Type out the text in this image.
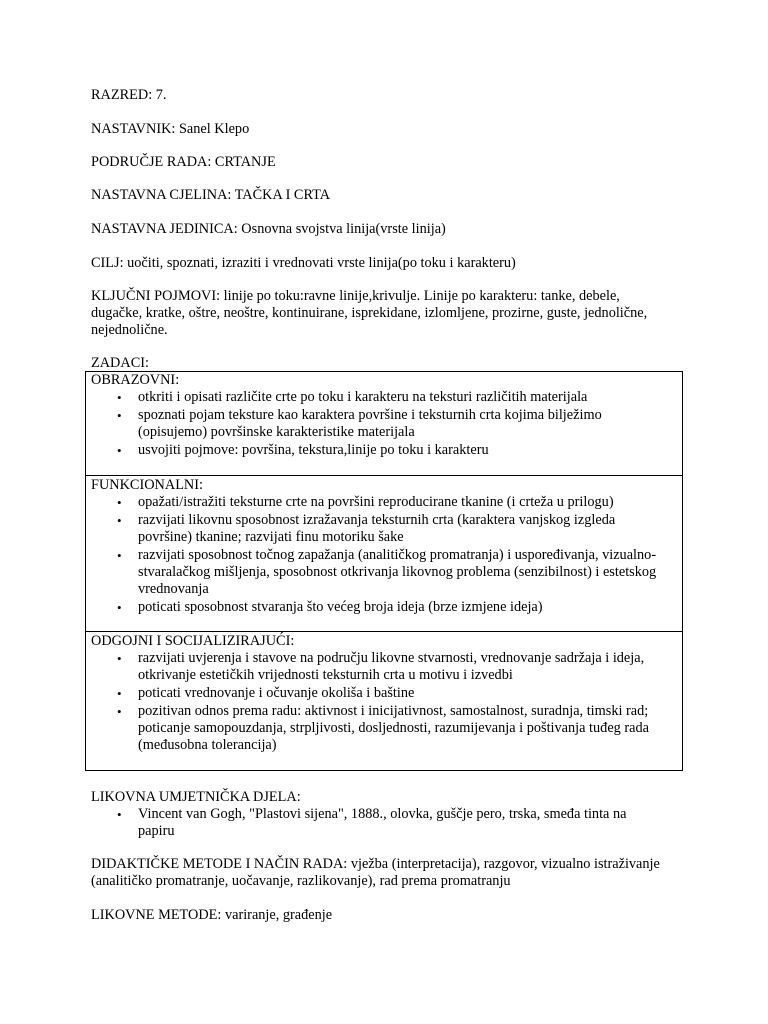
RAZRED: 7.
NASTAVNIK: Sanel Klepo
PODRUČJE RADA: CRTANJE
NASTAVNA CJELINA: TAČKA I CRTA
NASTAVNA JEDINICA: Osnovna svojstva linija(vrste linija)
CILJ: uočiti, spoznati, izraziti i vrednovati vrste linija(po toku i karakteru)
KLJUČNI POJMOVI: linije po toku:ravne linije,krivulje. Linije po karakteru: tanke, debele, dugačke, kratke, oštre, neoštre, kontinuirane, isprekidane, izlomljene, prozirne, guste, jednolične, nejednolične.
ZADACI:
OBRAZOVNI:
• otkriti i opisati različite crte po toku i karakteru na teksturi različitih materijala
• spoznati pojam teksture kao karaktera površine i teksturnih crta kojima bilježimo (opisujemo) površinske karakteristike materijala
• usvojiti pojmove: površina, tekstura,linije po toku i karakteru
FUNKCIONALNI:
• opažati/istražiti teksturne crte na površini reproducirane tkanine (i crteža u prilogu)
• razvijati likovnu sposobnost izražavanja teksturnih crta (karaktera vanjskog izgleda površine) tkanine; razvijati finu motoriku šake
• razvijati sposobnost točnog zapažanja (analitičkog promatranja) i uspoređivanja, vizualno-stvaralačkog mišljenja, sposobnost otkrivanja likovnog problema (senzibilnost) i estetskog vrednovanja
• poticati sposobnost stvaranja što većeg broja ideja (brze izmjene ideja)
ODGOJNI I SOCIJALIZIRAJUĆI:
• razvijati uvjerenja i stavove na području likovne stvarnosti, vrednovanje sadržaja i ideja, otkrivanje estetičkih vrijednosti teksturnih crta u motivu i izvedbi
• poticati vrednovanje i očuvanje okoliša i baštine
• pozitivan odnos prema radu: aktivnost i inicijativnost, samostalnost, suradnja, timski rad; poticanje samopouzdanja, strpljivosti, dosljednosti, razumijevanja i poštivanja tuđeg rada (međusobna tolerancija)
LIKOVNA UMJETNIČKA DJELA:
• Vincent van Gogh, "Plastovi sijena", 1888., olovka, guščje pero, trska, smeđa tinta na papiru
DIDAKTIČKE METODE I NAČIN RADA: vježba (interpretacija), razgovor, vizualno istraživanje (analitičko promatranje, uočavanje, razlikovanje), rad prema promatranju
LIKOVNE METODE: variranje, građenje
